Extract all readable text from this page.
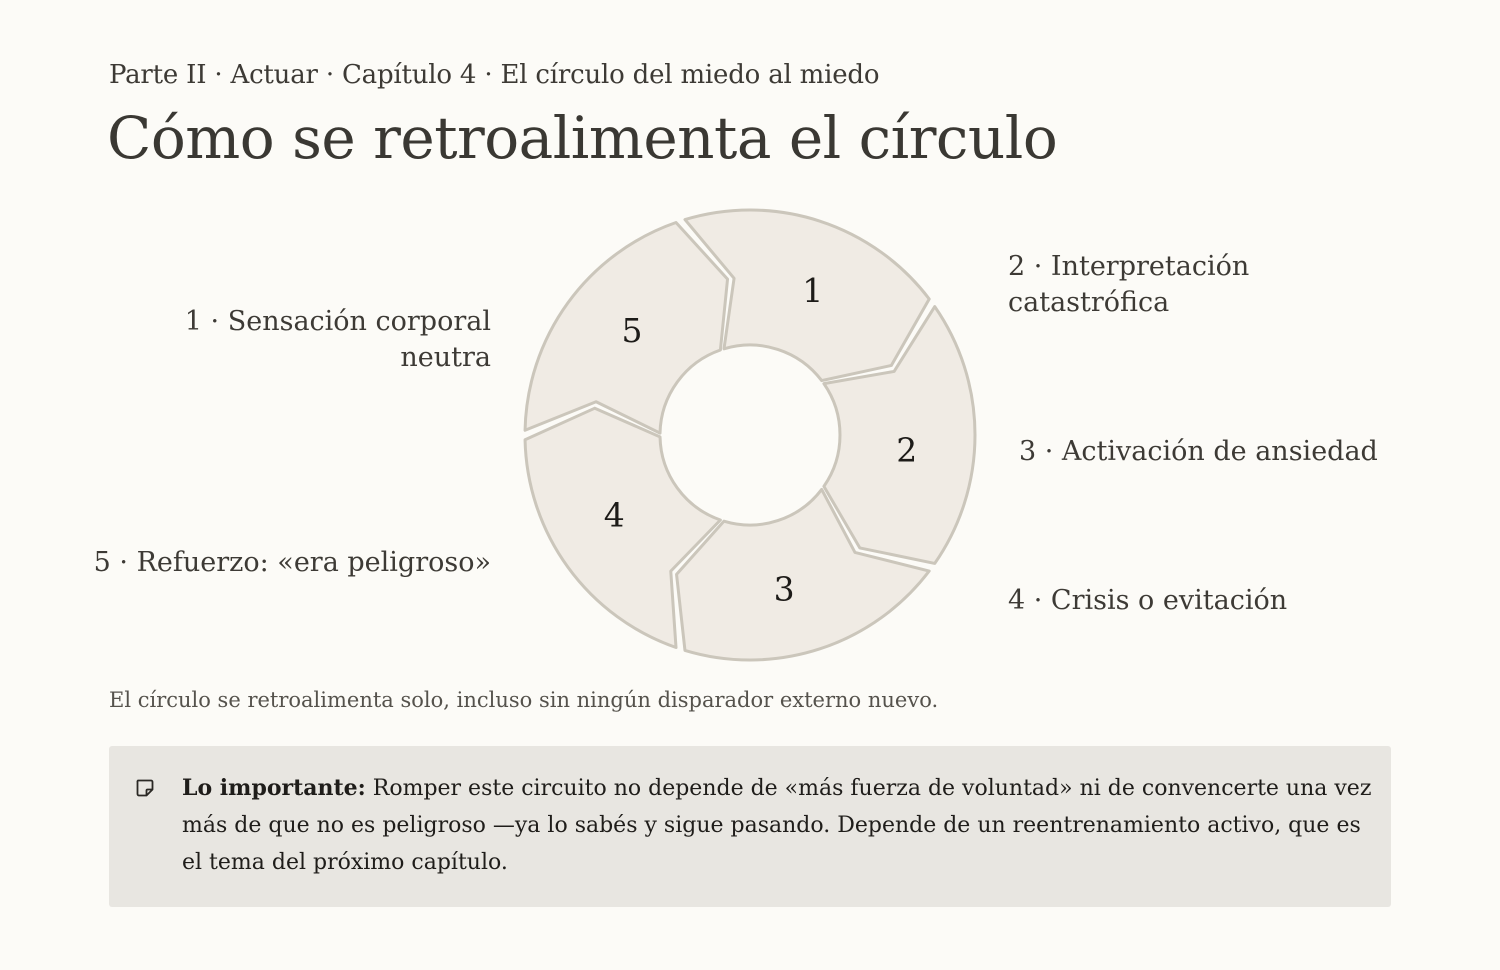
Parte II · Actuar · Capítulo 4 · El círculo del miedo al miedo
Cómo se retroalimenta el círculo
1 · Sensación corporal neutra
2 · Interpretación
catastrófica
3 · Activación de ansiedad
4 · Crisis o evitación
5 · Refuerzo: «era peligroso»
1
2
3
4
5
El círculo se retroalimenta solo, incluso sin ningún disparador externo nuevo.
Lo importante: Romper este circuito no depende de «más fuerza de voluntad» ni de convencerte una vez más de que no es peligroso —ya lo sabés y sigue pasando. Depende de un reentrenamiento activo, que es el tema del próximo capítulo.
